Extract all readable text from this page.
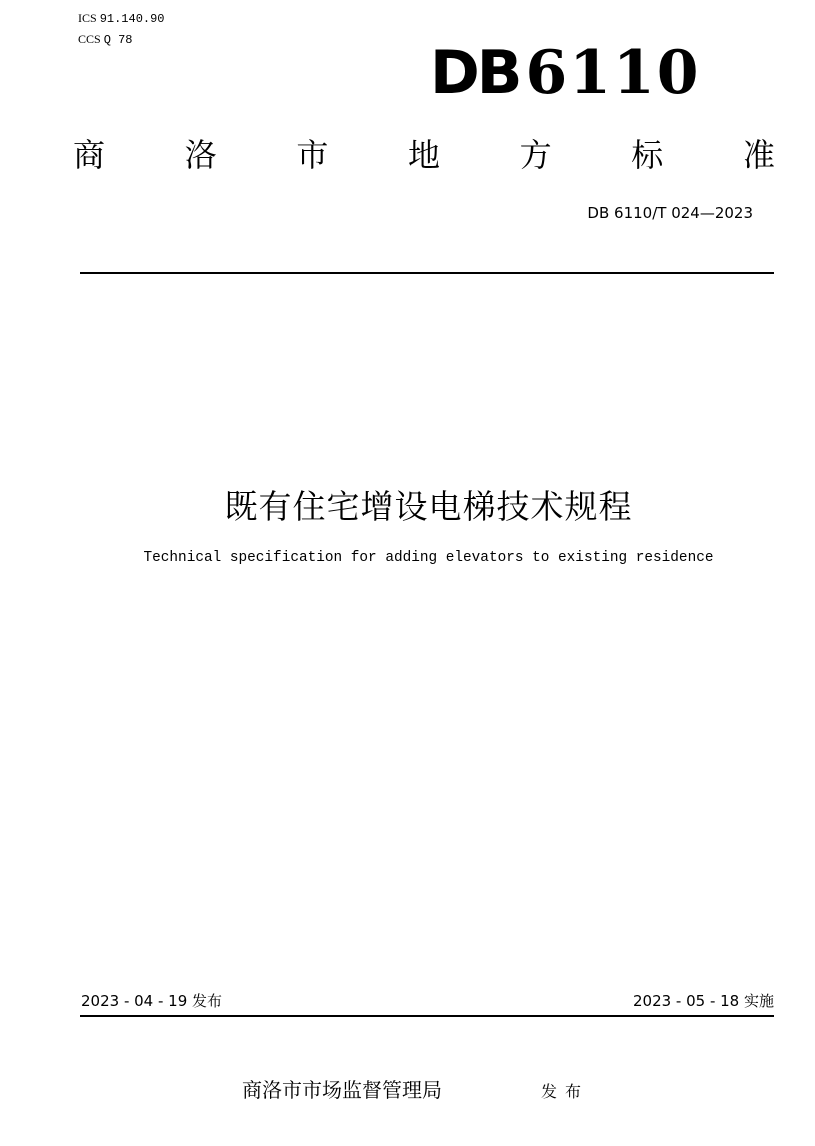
ICS 91.140.90
CCS Q 78	DB 6110
商 洛 市 地 方 标 准
DB 6110/T 024—2023
既有住宅增设电梯技术规程
Technical specification for adding elevators to existing residence
2023 - 04 - 19 发布	2023 - 05 - 18 实施
商洛市市场监督管理局	发布
